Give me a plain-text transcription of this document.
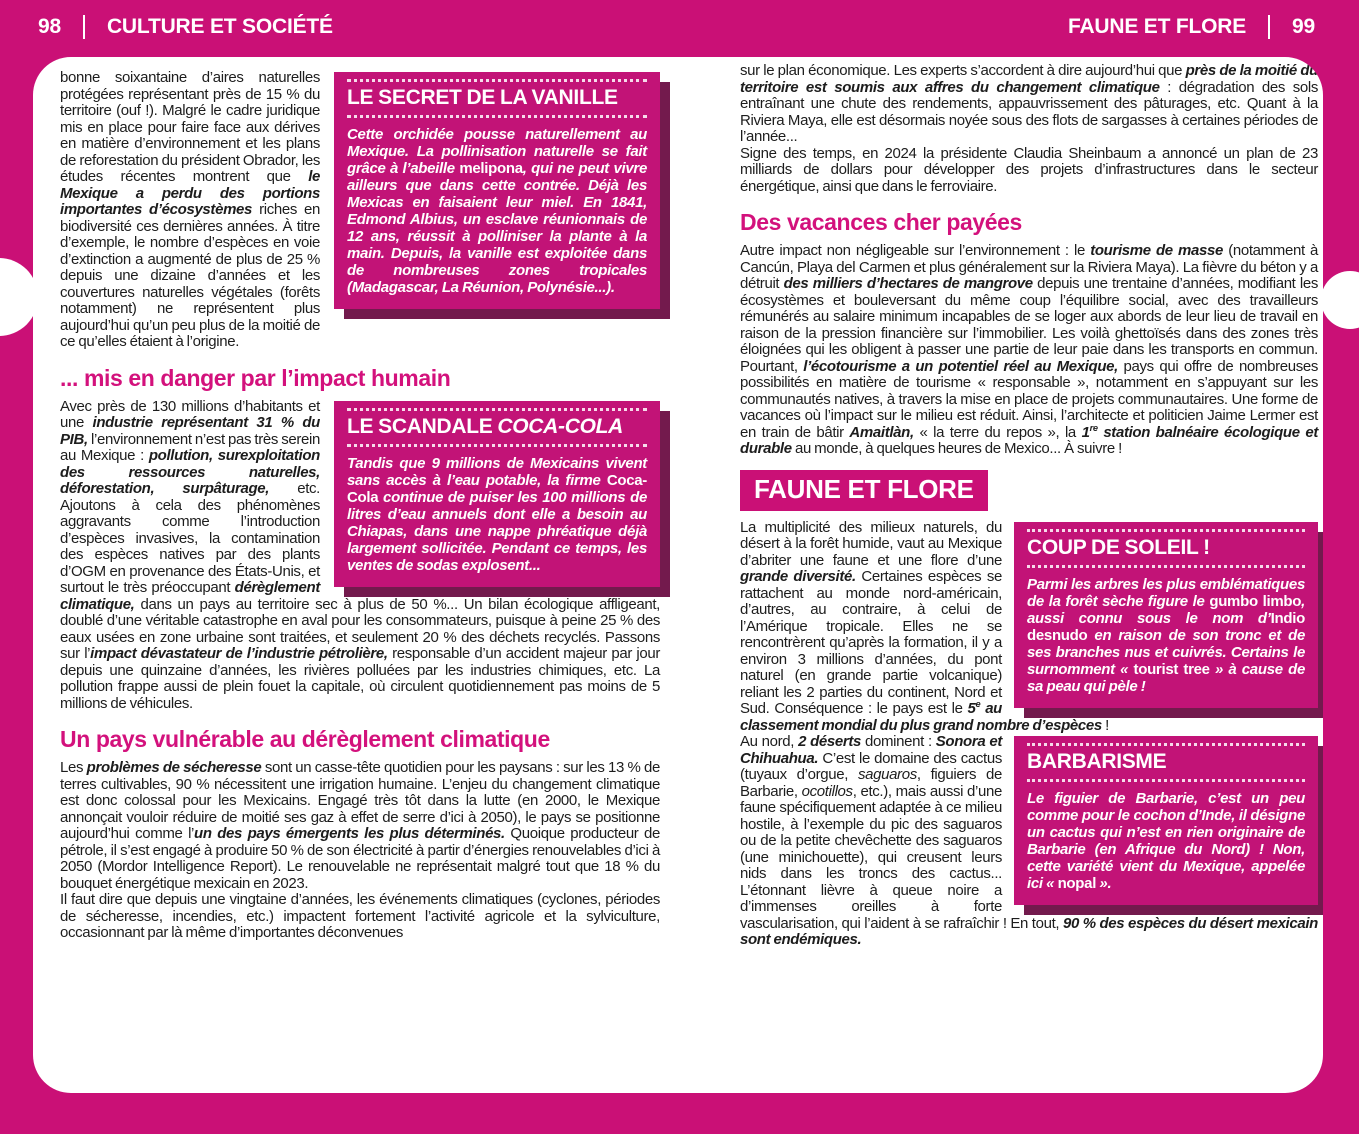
98 CULTURE ET SOCIÉTÉ	FAUNE ET FLORE 99
LE SECRET DE LA VANILLE
Cette orchidée pousse naturellement au Mexique. La pollinisation naturelle se fait grâce à l’abeille melipona, qui ne peut vivre ailleurs que dans cette contrée. Déjà les Mexicas en faisaient leur miel. En 1841, Edmond Albius, un esclave réunionnais de 12 ans, réussit à polliniser la plante à la main. Depuis, la vanille est exploitée dans de nombreuses zones tropicales (Madagascar, La Réunion, Polynésie...).
bonne soixantaine d’aires naturelles protégées représentant près de 15 % du territoire (ouf !). Malgré le cadre juridique mis en place pour faire face aux dérives en matière d’environnement et les plans de reforestation du président Obrador, les études récentes montrent que le Mexique a perdu des portions importantes d’écosystèmes riches en biodiversité ces dernières années. À titre d’exemple, le nombre d’espèces en voie d’extinction a augmenté de plus de 25 % depuis une dizaine d’années et les couvertures naturelles végétales (forêts notamment) ne représentent plus aujourd’hui qu’un peu plus de la moitié de ce qu’elles étaient à l’origine.
... mis en danger par l’impact humain
LE SCANDALE COCA-COLA
Tandis que 9 millions de Mexicains vivent sans accès à l’eau potable, la firme Coca-Cola continue de puiser les 100 millions de litres d’eau annuels dont elle a besoin au Chiapas, dans une nappe phréatique déjà largement sollicitée. Pendant ce temps, les ventes de sodas explosent...
Avec près de 130 millions d’habitants et une industrie représentant 31 % du PIB, l’environnement n’est pas très serein au Mexique : pollution, surexploitation des ressources naturelles, déforestation, surpâturage, etc. Ajoutons à cela des phénomènes aggravants comme l’introduction d’espèces invasives, la contamination des espèces natives par des plants d’OGM en provenance des États-Unis, et surtout le très préoccupant dérèglement climatique, dans un pays au territoire sec à plus de 50 %... Un bilan écologique affligeant, doublé d’une véritable catastrophe en aval pour les consommateurs, puisque à peine 25 % des eaux usées en zone urbaine sont traitées, et seulement 20 % des déchets recyclés. Passons sur l’impact dévastateur de l’industrie pétrolière, responsable d’un accident majeur par jour depuis une quinzaine d’années, les rivières polluées par les industries chimiques, etc. La pollution frappe aussi de plein fouet la capitale, où circulent quotidiennement pas moins de 5 millions de véhicules.
Un pays vulnérable au dérèglement climatique
Les problèmes de sécheresse sont un casse-tête quotidien pour les paysans : sur les 13 % de terres cultivables, 90 % nécessitent une irrigation humaine. L’enjeu du changement climatique est donc colossal pour les Mexicains. Engagé très tôt dans la lutte (en 2000, le Mexique annonçait vouloir réduire de moitié ses gaz à effet de serre d’ici à 2050), le pays se positionne aujourd’hui comme l’un des pays émergents les plus déterminés. Quoique producteur de pétrole, il s’est engagé à produire 50 % de son électricité à partir d’énergies renouvelables d’ici à 2050 (Mordor Intelligence Report). Le renouvelable ne représentait malgré tout que 18 % du bouquet énergétique mexicain en 2023.
Il faut dire que depuis une vingtaine d’années, les événements climatiques (cyclones, périodes de sécheresse, incendies, etc.) impactent fortement l’activité agricole et la sylviculture, occasionnant par là même d’importantes déconvenues
sur le plan économique. Les experts s’accordent à dire aujourd’hui que près de la moitié du territoire est soumis aux affres du changement climatique : dégradation des sols entraînant une chute des rendements, appauvrissement des pâturages, etc. Quant à la Riviera Maya, elle est désormais noyée sous des flots de sargasses à certaines périodes de l’année...
Signe des temps, en 2024 la présidente Claudia Sheinbaum a annoncé un plan de 23 milliards de dollars pour développer des projets d’infrastructures dans le secteur énergétique, ainsi que dans le ferroviaire.
Des vacances cher payées
Autre impact non négligeable sur l’environnement : le tourisme de masse (notamment à Cancún, Playa del Carmen et plus généralement sur la Riviera Maya). La fièvre du béton y a détruit des milliers d’hectares de mangrove depuis une trentaine d’années, modifiant les écosystèmes et bouleversant du même coup l’équilibre social, avec des travailleurs rémunérés au salaire minimum incapables de se loger aux abords de leur lieu de travail en raison de la pression financière sur l’immobilier. Les voilà ghettoïsés dans des zones très éloignées qui les obligent à passer une partie de leur paie dans les transports en commun. Pourtant, l’écotourisme a un potentiel réel au Mexique, pays qui offre de nombreuses possibilités en matière de tourisme « responsable », notamment en s’appuyant sur les communautés natives, à travers la mise en place de projets communautaires. Une forme de vacances où l’impact sur le milieu est réduit. Ainsi, l’architecte et politicien Jaime Lermer est en train de bâtir Amaitlàn, « la terre du repos », la 1re station balnéaire écologique et durable au monde, à quelques heures de Mexico... À suivre !
FAUNE ET FLORE
COUP DE SOLEIL !
Parmi les arbres les plus emblématiques de la forêt sèche figure le gumbo limbo, aussi connu sous le nom d’Indio desnudo en raison de son tronc et de ses branches nus et cuivrés. Certains le surnomment « tourist tree » à cause de sa peau qui pèle !
La multiplicité des milieux naturels, du désert à la forêt humide, vaut au Mexique d’abriter une faune et une flore d’une grande diversité. Certaines espèces se rattachent au monde nord-américain, d’autres, au contraire, à celui de l’Amérique tropicale. Elles ne se rencontrèrent qu’après la formation, il y a environ 3 millions d’années, du pont naturel (en grande partie volcanique) reliant les 2 parties du continent, Nord et Sud. Conséquence : le pays est le 5e au classement mondial du plus grand nombre d’espèces !
BARBARISME
Le figuier de Barbarie, c’est un peu comme pour le cochon d’Inde, il désigne un cactus qui n’est en rien originaire de Barbarie (en Afrique du Nord) ! Non, cette variété vient du Mexique, appelée ici « nopal ».
Au nord, 2 déserts dominent : Sonora et Chihuahua. C’est le domaine des cactus (tuyaux d’orgue, saguaros, figuiers de Barbarie, ocotillos, etc.), mais aussi d’une faune spécifiquement adaptée à ce milieu hostile, à l’exemple du pic des saguaros ou de la petite chevêchette des saguaros (une minichouette), qui creusent leurs nids dans les troncs des cactus... L’étonnant lièvre à queue noire a d’immenses oreilles à forte vascularisation, qui l’aident à se rafraîchir ! En tout, 90 % des espèces du désert mexicain sont endémiques.
